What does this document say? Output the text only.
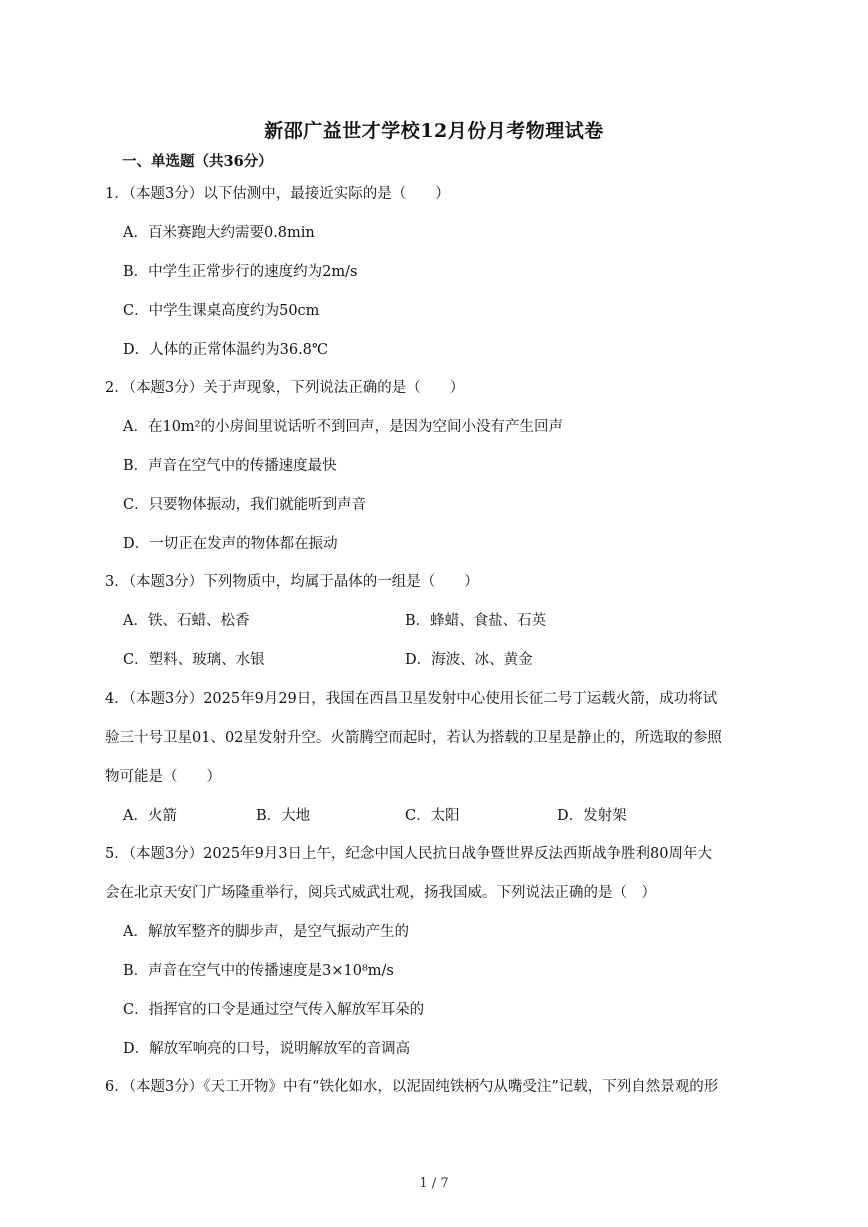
新邵广益世才学校12月份月考物理试卷
一、单选题（共36分）
1．（本题3分）以下估测中，最接近实际的是（　　）
A．百米赛跑大约需要0.8min
B．中学生正常步行的速度约为2m/s
C．中学生课桌高度约为50cm
D．人体的正常体温约为36.8℃
2．（本题3分）关于声现象，下列说法正确的是（　　）
A．在10m²的小房间里说话听不到回声，是因为空间小没有产生回声
B．声音在空气中的传播速度最快
C．只要物体振动，我们就能听到声音
D．一切正在发声的物体都在振动
3．（本题3分）下列物质中，均属于晶体的一组是（　　）
A．铁、石蜡、松香	B．蜂蜡、食盐、石英
C．塑料、玻璃、水银	D．海波、冰、黄金
4．（本题3分）2025年9月29日，我国在西昌卫星发射中心使用长征二号丁运载火箭，成功将试
验三十号卫星01、02星发射升空。火箭腾空而起时，若认为搭载的卫星是静止的，所选取的参照
物可能是（　　）
A．火箭	B．大地	C．太阳	D．发射架
5．（本题3分）2025年9月3日上午，纪念中国人民抗日战争暨世界反法西斯战争胜利80周年大
会在北京天安门广场隆重举行，阅兵式威武壮观，扬我国威。下列说法正确的是（　）
A．解放军整齐的脚步声，是空气振动产生的
B．声音在空气中的传播速度是3×10⁸m/s
C．指挥官的口令是通过空气传入解放军耳朵的
D．解放军响亮的口号，说明解放军的音调高
6．（本题3分）《天工开物》中有“铁化如水，以泥固纯铁柄勺从嘴受注”记载，下列自然景观的形
1 / 7
